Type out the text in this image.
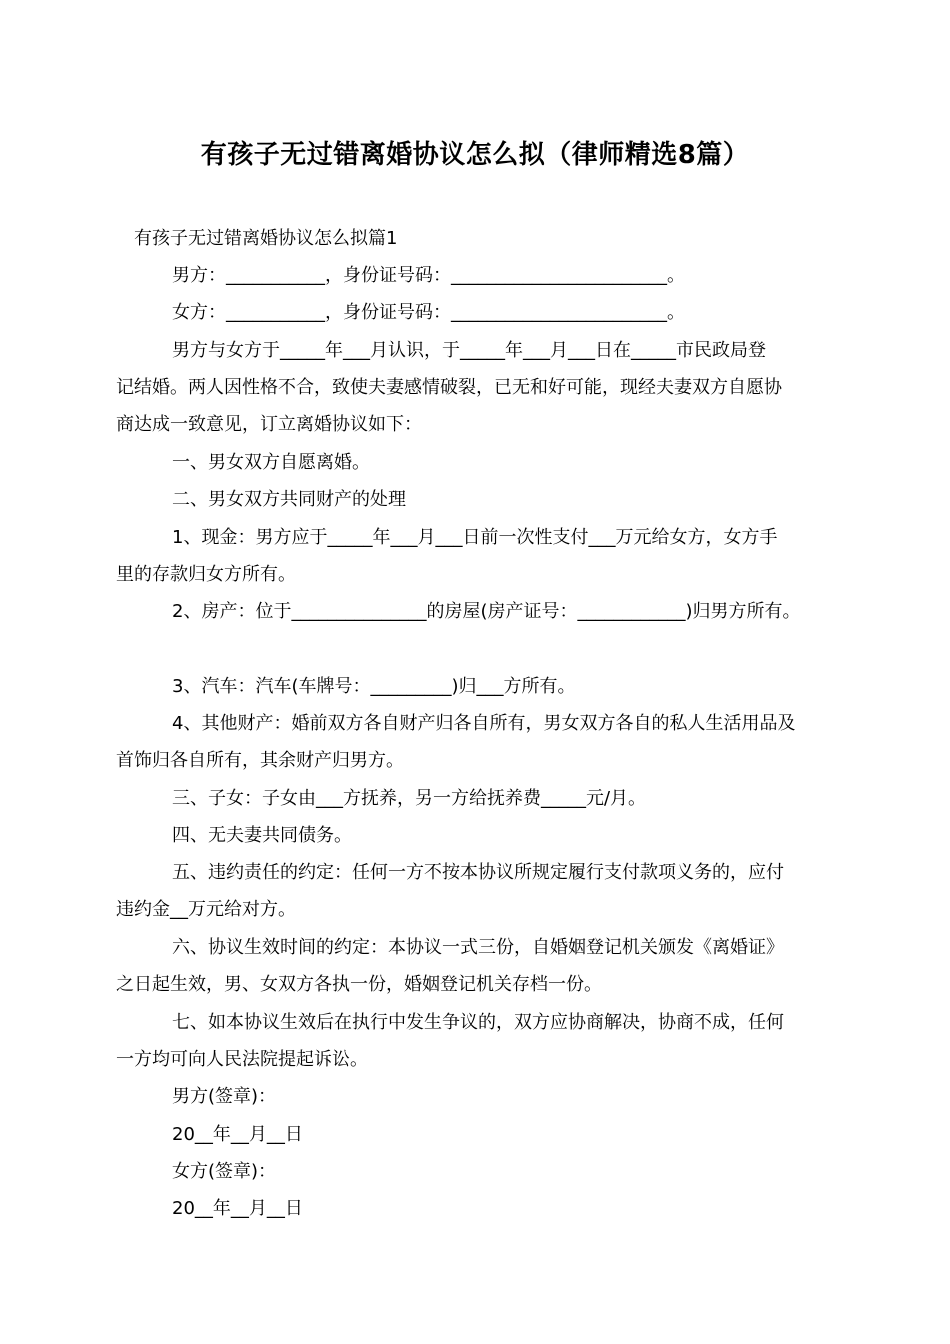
有孩子无过错离婚协议怎么拟（律师精选8篇）
有孩子无过错离婚协议怎么拟篇1
男方：___________，身份证号码：________________________。
女方：___________，身份证号码：________________________。
男方与女方于_____年___月认识，于_____年___月___日在_____市民政局登
记结婚。两人因性格不合，致使夫妻感情破裂，已无和好可能，现经夫妻双方自愿协
商达成一致意见，订立离婚协议如下：
一、男女双方自愿离婚。
二、男女双方共同财产的处理
1、现金：男方应于_____年___月___日前一次性支付___万元给女方，女方手
里的存款归女方所有。
2、房产：位于_______________的房屋(房产证号：____________)归男方所有。
3、汽车：汽车(车牌号：_________)归___方所有。
4、其他财产：婚前双方各自财产归各自所有，男女双方各自的私人生活用品及
首饰归各自所有，其余财产归男方。
三、子女：子女由___方抚养，另一方给抚养费_____元/月。
四、无夫妻共同债务。
五、违约责任的约定：任何一方不按本协议所规定履行支付款项义务的，应付
违约金__万元给对方。
六、协议生效时间的约定：本协议一式三份，自婚姻登记机关颁发《离婚证》
之日起生效，男、女双方各执一份，婚姻登记机关存档一份。
七、如本协议生效后在执行中发生争议的，双方应协商解决，协商不成，任何
一方均可向人民法院提起诉讼。
男方(签章)：
20__年__月__日
女方(签章)：
20__年__月__日
